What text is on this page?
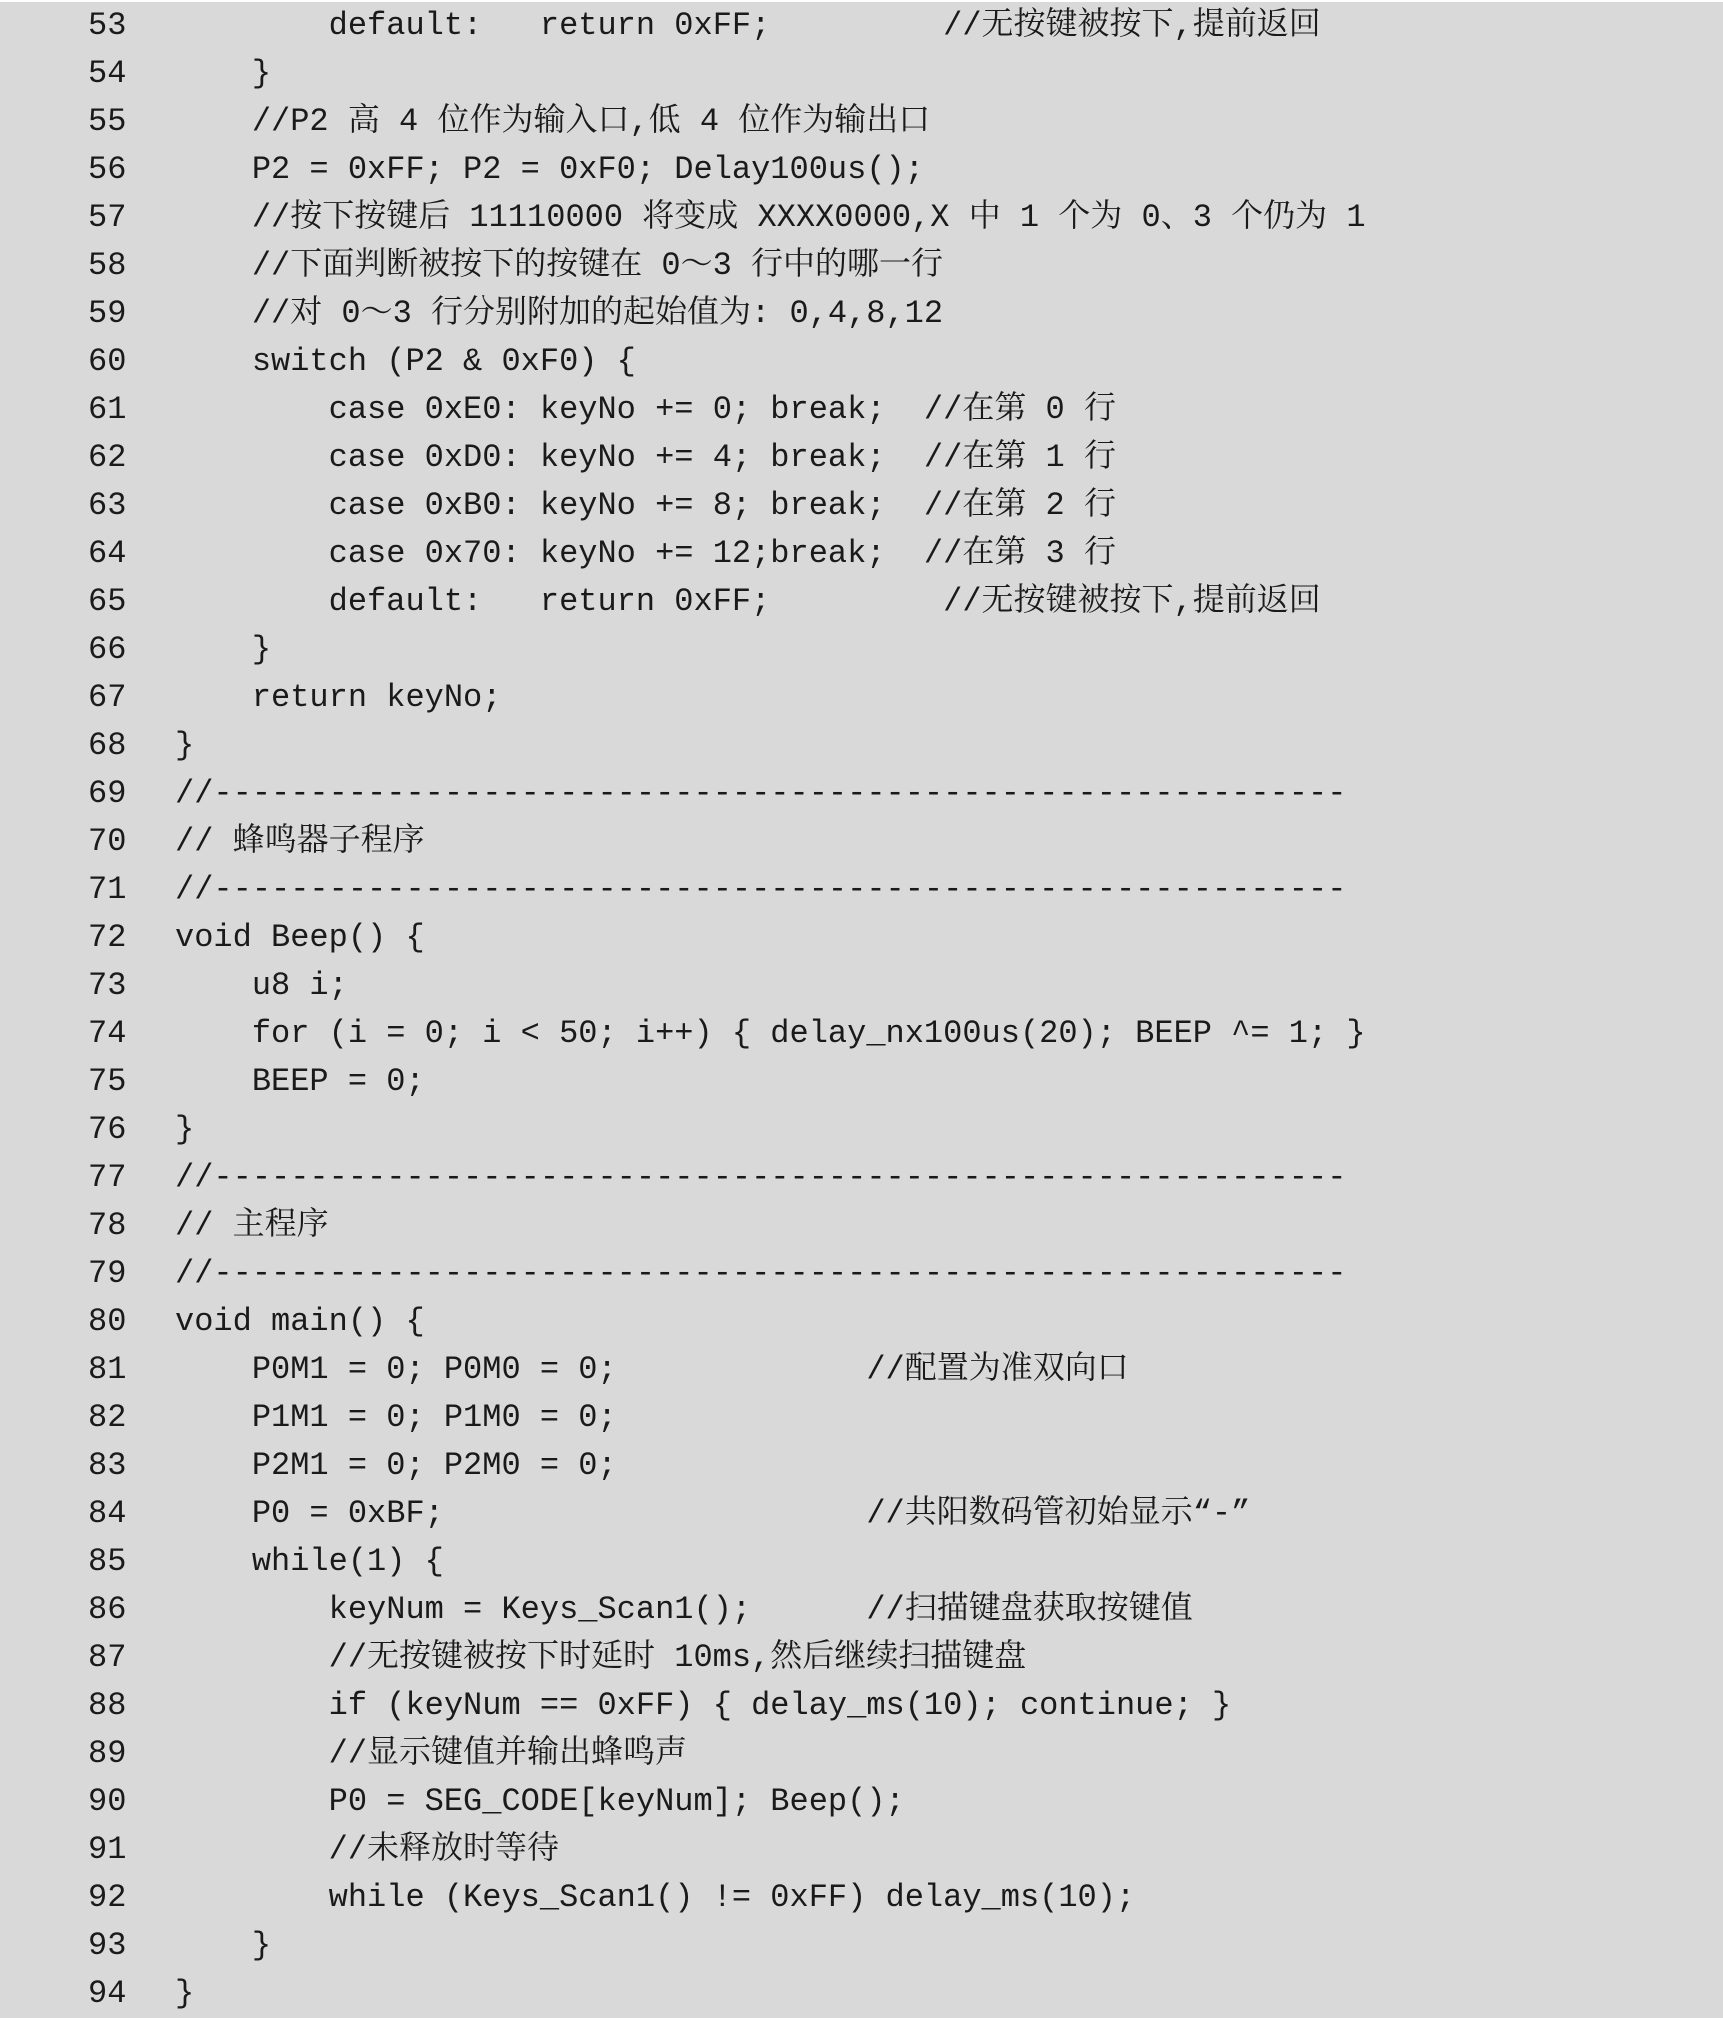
53	default:   return 0xFF;         //无按键被按下,提前返回
54	}
55	//P2 高 4 位作为输入口,低 4 位作为输出口
56	P2 = 0xFF; P2 = 0xF0; Delay100us();
57	//按下按键后 11110000 将变成 XXXX0000,X 中 1 个为 0、3 个仍为 1
58	//下面判断被按下的按键在 0～3 行中的哪一行
59	//对 0～3 行分别附加的起始值为: 0,4,8,12
60	switch (P2 & 0xF0) {
61	case 0xE0: keyNo += 0; break;  //在第 0 行
62	case 0xD0: keyNo += 4; break;  //在第 1 行
63	case 0xB0: keyNo += 8; break;  //在第 2 行
64	case 0x70: keyNo += 12;break;  //在第 3 行
65	default:   return 0xFF;         //无按键被按下,提前返回
66	}
67	return keyNo;
68	}
69	//-----------------------------------------------------------
70	// 蜂鸣器子程序
71	//-----------------------------------------------------------
72	void Beep() {
73	u8 i;
74	for (i = 0; i < 50; i++) { delay_nx100us(20); BEEP ^= 1; }
75	BEEP = 0;
76	}
77	//-----------------------------------------------------------
78	// 主程序
79	//-----------------------------------------------------------
80	void main() {
81	P0M1 = 0; P0M0 = 0;             //配置为准双向口
82	P1M1 = 0; P1M0 = 0;
83	P2M1 = 0; P2M0 = 0;
84	P0 = 0xBF;                      //共阳数码管初始显示“-”
85	while(1) {
86	keyNum = Keys_Scan1();      //扫描键盘获取按键值
87	//无按键被按下时延时 10ms,然后继续扫描键盘
88	if (keyNum == 0xFF) { delay_ms(10); continue; }
89	//显示键值并输出蜂鸣声
90	P0 = SEG_CODE[keyNum]; Beep();
91	//未释放时等待
92	while (Keys_Scan1() != 0xFF) delay_ms(10);
93	}
94	}
